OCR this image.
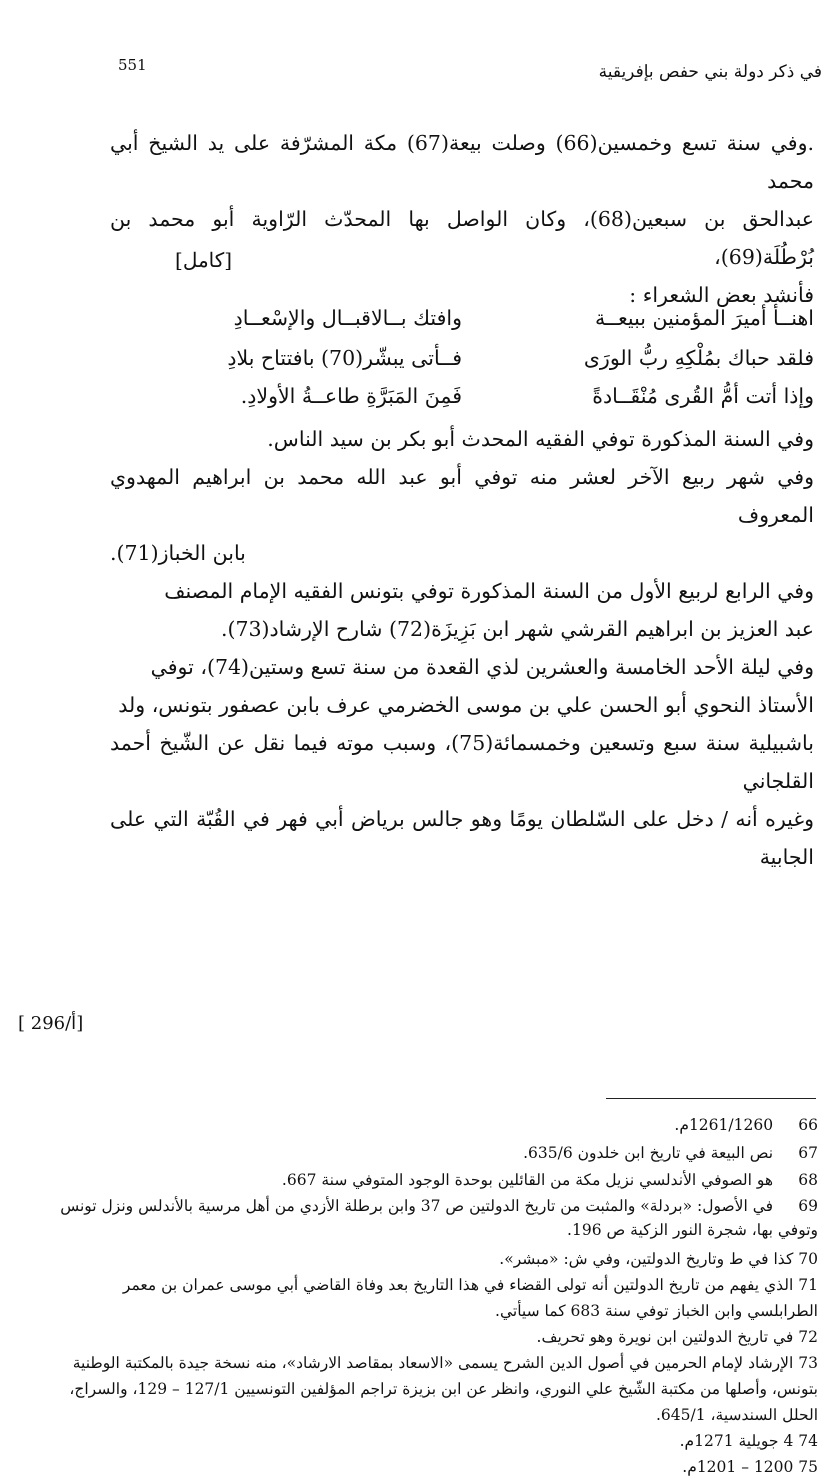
551	في ذكر دولة بني حفص بإفريقية

.وفي سنة تسع وخمسين(66) وصلت بيعة(67) مكة المشرّفة على يد الشيخ أبي محمد

عبدالحق بن سبعين(68)، وكان الواصل بها المحدّث الرّاوية أبو محمد بن بُرْطُلَة(69)،

فأنشد بعض الشعراء :

[كامل]
اهنــأ أميرَ المؤمنين ببيعــة
وافتك بــالاقبــال والإسْعــادِ
فلقد حباك بمُلْكِهِ ربُّ الورَى
فــأتى يبشّر(70) بافتتاح بلادِ
وإذا أتت أمُّ القُرى مُنْقَــادةً
فَمِنَ المَبَرَّةِ طاعــةُ الأولادِ.

وفي السنة المذكورة توفي الفقيه المحدث أبو بكر بن سيد الناس.

وفي شهر ربيع الآخر لعشر منه توفي أبو عبد الله محمد بن ابراهيم المهدوي المعروف

بابن الخباز(71).

وفي الرابع لربيع الأول من السنة المذكورة توفي بتونس الفقيه الإمام المصنف

عبد العزيز بن ابراهيم القرشي شهر ابن بَزِيزَة(72) شارح الإرشاد(73).

وفي ليلة الأحد الخامسة والعشرين لذي القعدة من سنة تسع وستين(74)، توفي

الأستاذ النحوي أبو الحسن علي بن موسى الخضرمي عرف بابن عصفور بتونس، ولد

باشبيلية سنة سبع وتسعين وخمسمائة(75)، وسبب موته فيما نقل عن الشّيخ أحمد القلجاني

وغيره أنه / دخل على السّلطان يومًا وهو جالس برياض أبي فهر في القُبّة التي على الجابية

[ 296/أ]
66 1261/1260م.
67 نص البيعة في تاريخ ابن خلدون 635/6.
68 هو الصوفي الأندلسي نزيل مكة من القائلين بوحدة الوجود المتوفي سنة 667.
69 في الأصول: «بردلة» والمثبت من تاريخ الدولتين ص 37 وابن برطلة الأزدي من أهل مرسية بالأندلس ونزل تونس وتوفي بها، شجرة النور الزكية ص 196.
70 كذا في ط وتاريخ الدولتين، وفي ش: «مبشر».
71 الذي يفهم من تاريخ الدولتين أنه تولى القضاء في هذا التاريخ بعد وفاة القاضي أبي موسى عمران بن معمر الطرابلسي وابن الخباز توفي سنة 683 كما سيأتي.
72 في تاريخ الدولتين ابن نويرة وهو تحريف.
73 الإرشاد لإمام الحرمين في أصول الدين الشرح يسمى «الاسعاد بمقاصد الارشاد»، منه نسخة جيدة بالمكتبة الوطنية بتونس، وأصلها من مكتبة الشّيخ علي النوري، وانظر عن ابن بزيزة تراجم المؤلفين التونسيين 127/1 – 129، والسراج، الحلل السندسية، 645/1.
74 4 جويلية 1271م.
75 1200 – 1201م.
